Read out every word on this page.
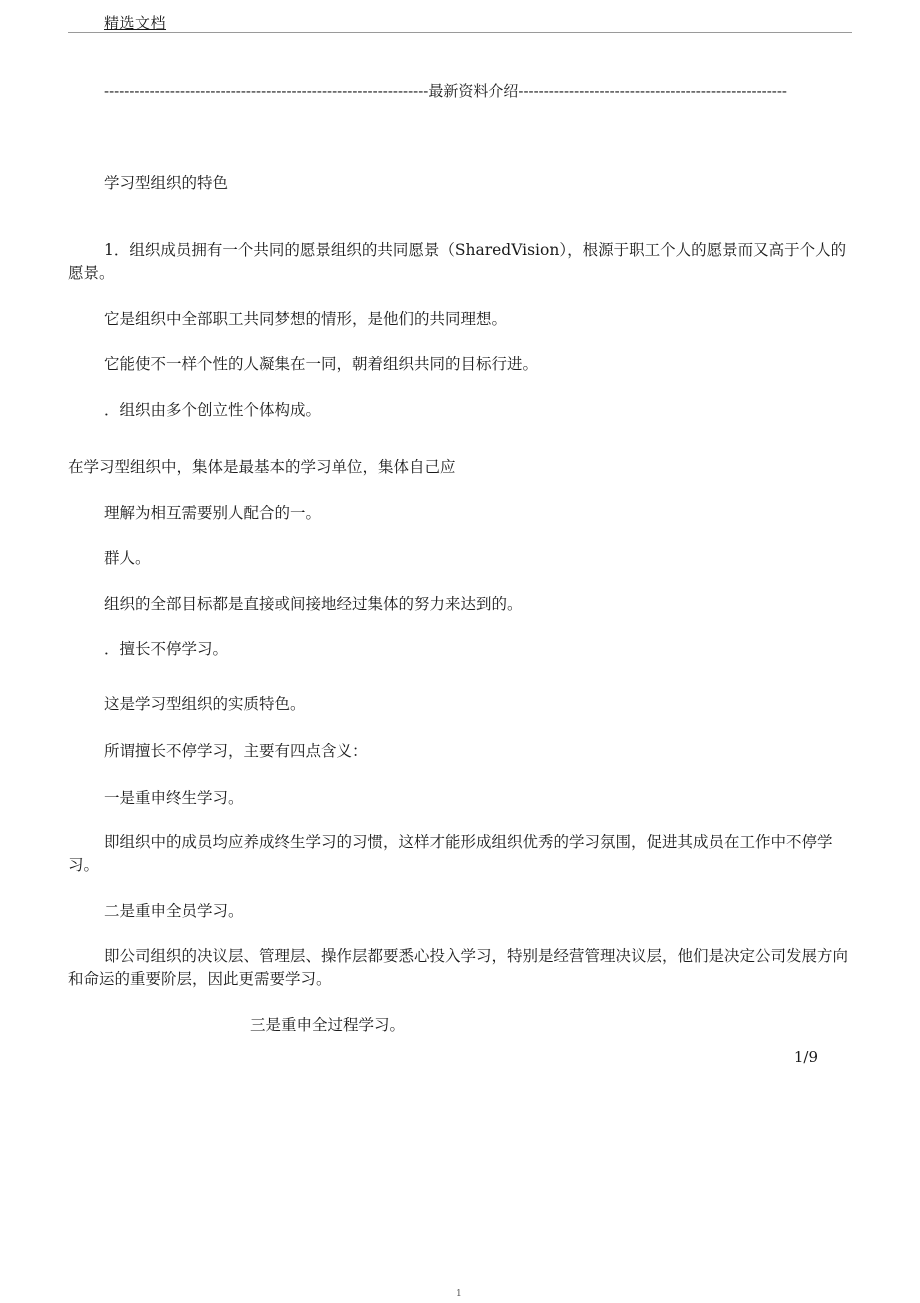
精选文档
----------------------------------------------------------------最新资料介绍-----------------------------------------------------

学习型组织的特色

1．组织成员拥有一个共同的愿景组织的共同愿景（SharedVision），根源于职工个人的愿景而又高于个人的愿景。

它是组织中全部职工共同梦想的情形，是他们的共同理想。

它能使不一样个性的人凝集在一同，朝着组织共同的目标行进。

．组织由多个创立性个体构成。

在学习型组织中，集体是最基本的学习单位，集体自己应

理解为相互需要别人配合的一。

群人。

组织的全部目标都是直接或间接地经过集体的努力来达到的。

．擅长不停学习。

这是学习型组织的实质特色。

所谓擅长不停学习，主要有四点含义：

一是重申终生学习。

即组织中的成员均应养成终生学习的习惯，这样才能形成组织优秀的学习氛围，促进其成员在工作中不停学习。

二是重申全员学习。

即公司组织的决议层、管理层、操作层都要悉心投入学习，特别是经营管理决议层，他们是决定公司发展方向和命运的重要阶层，因此更需要学习。

三是重申全过程学习。

1/9
1
